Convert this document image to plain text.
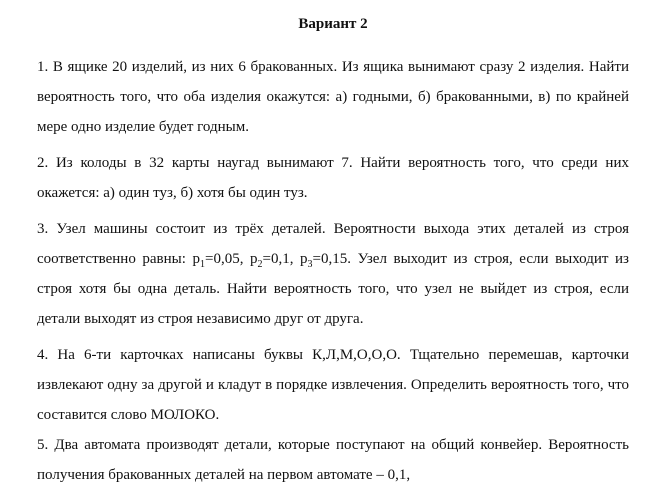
Вариант 2

1. В ящике 20 изделий, из них 6 бракованных. Из ящика вынимают сразу 2 изделия. Найти вероятность того, что оба изделия окажутся: а) годными, б) бракованными, в) по крайней мере одно изделие будет годным.

2. Из колоды в 32 карты наугад вынимают 7. Найти вероятность того, что среди них окажется: а) один туз, б) хотя бы один туз.

3. Узел машины состоит из трёх деталей. Вероятности выхода этих деталей из строя соответственно равны: $p_1=0,05$, $p_2=0,1$, $p_3=0,15$. Узел выходит из строя, если выходит из строя хотя бы одна деталь. Найти вероятность того, что узел не выйдет из строя, если детали выходят из строя независимо друг от друга.

4. На 6-ти карточках написаны буквы К,Л,М,О,О,О. Тщательно перемешав, карточки извлекают одну за другой и кладут в порядке извлечения. Определить вероятность того, что составится слово МОЛОКО.

5. Два автомата производят детали, которые поступают на общий конвейер. Вероятность получения бракованных деталей на первом автомате – 0,1,
